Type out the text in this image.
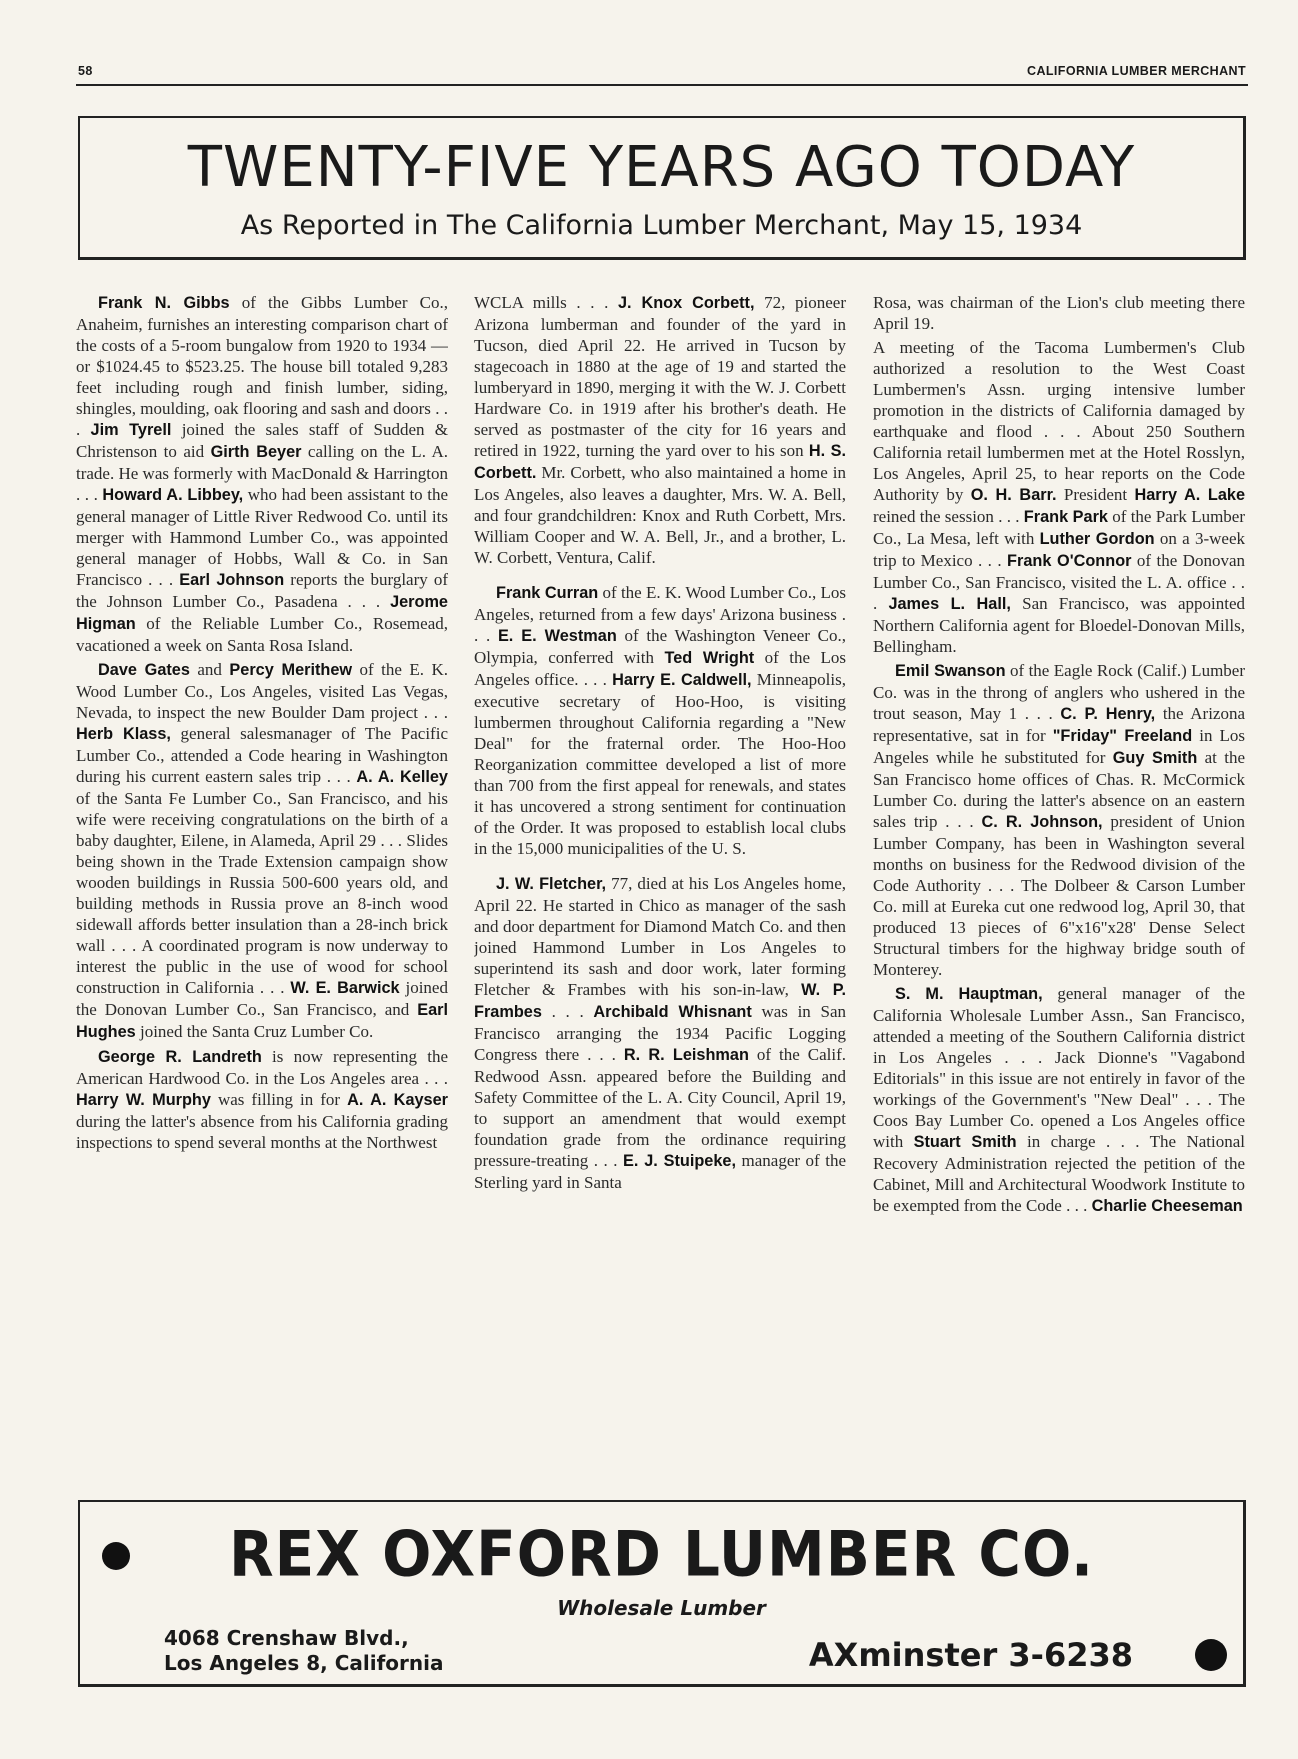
58	CALIFORNIA LUMBER MERCHANT
TWENTY-FIVE YEARS AGO TODAY
As Reported in The California Lumber Merchant, May 15, 1934

Frank N. Gibbs of the Gibbs Lumber Co., Anaheim, furnishes an interesting comparison chart of the costs of a 5-room bungalow from 1920 to 1934 —or $1024.45 to $523.25. The house bill totaled 9,283 feet including rough and finish lumber, siding, shingles, moulding, oak flooring and sash and doors . . . Jim Tyrell joined the sales staff of Sudden & Christenson to aid Girth Beyer calling on the L. A. trade. He was formerly with MacDonald & Harrington . . . Howard A. Libbey, who had been assistant to the general manager of Little River Redwood Co. until its merger with Hammond Lumber Co., was appointed general manager of Hobbs, Wall & Co. in San Francisco . . . Earl Johnson reports the burglary of the Johnson Lumber Co., Pasadena . . . Jerome Higman of the Reliable Lumber Co., Rosemead, vacationed a week on Santa Rosa Island.

Dave Gates and Percy Merithew of the E. K. Wood Lumber Co., Los Angeles, visited Las Vegas, Nevada, to inspect the new Boulder Dam project . . . Herb Klass, general salesmanager of The Pacific Lumber Co., attended a Code hearing in Washington during his current eastern sales trip . . . A. A. Kelley of the Santa Fe Lumber Co., San Francisco, and his wife were receiving congratulations on the birth of a baby daughter, Eilene, in Alameda, April 29 . . . Slides being shown in the Trade Extension campaign show wooden buildings in Russia 500-600 years old, and building methods in Russia prove an 8-inch wood sidewall affords better insulation than a 28-inch brick wall . . . A coordinated program is now underway to interest the public in the use of wood for school construction in California . . . W. E. Barwick joined the Donovan Lumber Co., San Francisco, and Earl Hughes joined the Santa Cruz Lumber Co.

George R. Landreth is now representing the American Hardwood Co. in the Los Angeles area . . . Harry W. Murphy was filling in for A. A. Kayser during the latter's absence from his California grading inspections to spend several months at the Northwest

WCLA mills . . . J. Knox Corbett, 72, pioneer Arizona lumberman and founder of the yard in Tucson, died April 22. He arrived in Tucson by stagecoach in 1880 at the age of 19 and started the lumberyard in 1890, merging it with the W. J. Corbett Hardware Co. in 1919 after his brother's death. He served as postmaster of the city for 16 years and retired in 1922, turning the yard over to his son H. S. Corbett. Mr. Corbett, who also maintained a home in Los Angeles, also leaves a daughter, Mrs. W. A. Bell, and four grandchildren: Knox and Ruth Corbett, Mrs. William Cooper and W. A. Bell, Jr., and a brother, L. W. Corbett, Ventura, Calif.

Frank Curran of the E. K. Wood Lumber Co., Los Angeles, returned from a few days' Arizona business . . . E. E. Westman of the Washington Veneer Co., Olympia, conferred with Ted Wright of the Los Angeles office. . . . Harry E. Caldwell, Minneapolis, executive secretary of Hoo-Hoo, is visiting lumbermen throughout California regarding a "New Deal" for the fraternal order. The Hoo-Hoo Reorganization committee developed a list of more than 700 from the first appeal for renewals, and states it has uncovered a strong sentiment for continuation of the Order. It was proposed to establish local clubs in the 15,000 municipalities of the U. S.

J. W. Fletcher, 77, died at his Los Angeles home, April 22. He started in Chico as manager of the sash and door department for Diamond Match Co. and then joined Hammond Lumber in Los Angeles to superintend its sash and door work, later forming Fletcher & Frambes with his son-in-law, W. P. Frambes . . . Archibald Whisnant was in San Francisco arranging the 1934 Pacific Logging Congress there . . . R. R. Leishman of the Calif. Redwood Assn. appeared before the Building and Safety Committee of the L. A. City Council, April 19, to support an amendment that would exempt foundation grade from the ordinance requiring pressure-treating . . . E. J. Stuipeke, manager of the Sterling yard in Santa

Rosa, was chairman of the Lion's club meeting there April 19.

A meeting of the Tacoma Lumbermen's Club authorized a resolution to the West Coast Lumbermen's Assn. urging intensive lumber promotion in the districts of California damaged by earthquake and flood . . . About 250 Southern California retail lumbermen met at the Hotel Rosslyn, Los Angeles, April 25, to hear reports on the Code Authority by O. H. Barr. President Harry A. Lake reined the session . . . Frank Park of the Park Lumber Co., La Mesa, left with Luther Gordon on a 3-week trip to Mexico . . . Frank O'Connor of the Donovan Lumber Co., San Francisco, visited the L. A. office . . . James L. Hall, San Francisco, was appointed Northern California agent for Bloedel-Donovan Mills, Bellingham.

Emil Swanson of the Eagle Rock (Calif.) Lumber Co. was in the throng of anglers who ushered in the trout season, May 1 . . . C. P. Henry, the Arizona representative, sat in for "Friday" Freeland in Los Angeles while he substituted for Guy Smith at the San Francisco home offices of Chas. R. McCormick Lumber Co. during the latter's absence on an eastern sales trip . . . C. R. Johnson, president of Union Lumber Company, has been in Washington several months on business for the Redwood division of the Code Authority . . . The Dolbeer & Carson Lumber Co. mill at Eureka cut one redwood log, April 30, that produced 13 pieces of 6"x16"x28' Dense Select Structural timbers for the highway bridge south of Monterey.

S. M. Hauptman, general manager of the California Wholesale Lumber Assn., San Francisco, attended a meeting of the Southern California district in Los Angeles . . . Jack Dionne's "Vagabond Editorials" in this issue are not entirely in favor of the workings of the Government's "New Deal" . . . The Coos Bay Lumber Co. opened a Los Angeles office with Stuart Smith in charge . . . The National Recovery Administration rejected the petition of the Cabinet, Mill and Architectural Woodwork Institute to be exempted from the Code . . . Charlie Cheeseman

REX OXFORD LUMBER CO.
Wholesale Lumber
4068 Crenshaw Blvd.,
Los Angeles 8, California	AXminster 3-6238
